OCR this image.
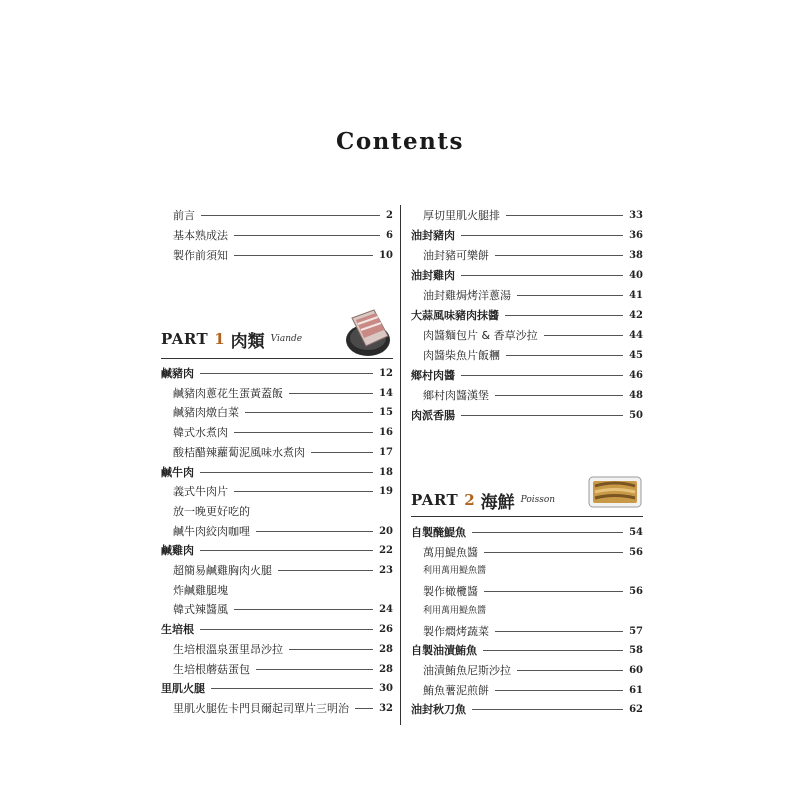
Contents
PART 1 肉類 Viande
前言	2
基本熟成法	6
製作前須知	10
鹹豬肉	12
鹹豬肉蔥花生蛋黃蓋飯	14
鹹豬肉燉白菜	15
韓式水煮肉	16
酸桔醋辣蘿蔔泥風味水煮肉	17
鹹牛肉	18
義式牛肉片	19
放一晚更好吃的
鹹牛肉絞肉咖哩	20
鹹雞肉	22
超簡易鹹雞胸肉火腿	23
炸鹹雞腿塊
韓式辣醬風	24
生培根	26
生培根溫泉蛋里昂沙拉	28
生培根蘑菇蛋包	28
里肌火腿	30
里肌火腿佐卡門貝爾起司單片三明治	32
PART 2 海鮮 Poisson
厚切里肌火腿排	33
油封豬肉	36
油封豬可樂餅	38
油封雞肉	40
油封雞焗烤洋蔥湯	41
大蒜風味豬肉抹醬	42
肉醬麵包片 & 香草沙拉	44
肉醬柴魚片飯糰	45
鄉村肉醬	46
鄉村肉醬漢堡	48
肉派香腸	50
自製醃鯷魚	54
萬用鯷魚醬	56
利用萬用鯷魚醬
製作橄欖醬	56
利用萬用鯷魚醬
製作燜烤蔬菜	57
自製油漬鮪魚	58
油漬鮪魚尼斯沙拉	60
鮪魚薯泥煎餅	61
油封秋刀魚	62
